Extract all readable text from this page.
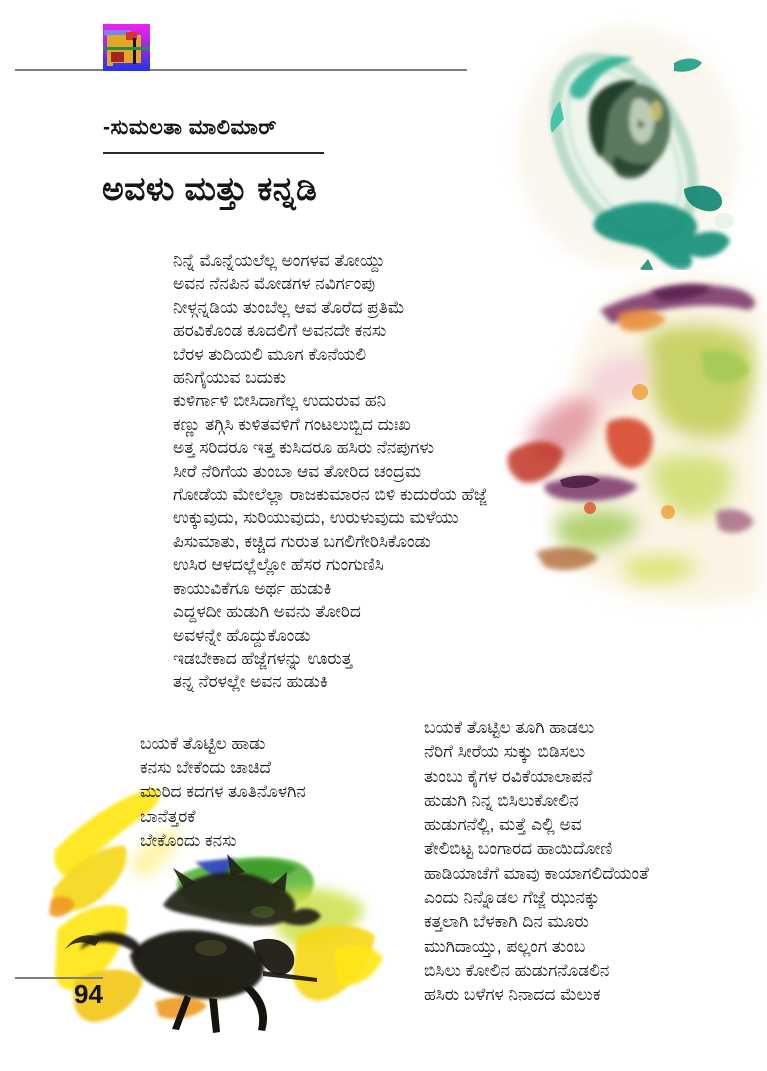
-ಸುಮಲತಾ ಮಾಲಿಮಾರ್
ಅವಳು ಮತ್ತು ಕನ್ನಡಿ
ನಿನ್ನೆ ಮೊನ್ನೆಯಲೆಲ್ಲ ಅಂಗಳವ ತೋಯ್ದು
ಅವನ ನೆನಪಿನ ಮೋಡಗಳ ನವಿರ್ಗಂಪು
ನೀಳ್ಗನ್ನಡಿಯ ತುಂಬೆಲ್ಲ ಆವ ತೊರೆದ ಪ್ರತಿಮೆ
ಹರವಿಕೊಂಡ ಕೂದಲಿಗೆ ಅವನದೇ ಕನಸು
ಬೆರಳ ತುದಿಯಲಿ ಮೂಗ ಕೊನೆಯಲಿ
ಹನಿಗೈಯುವ ಬದುಕು
ಕುಳಿರ್ಗಾಳಿ ಬೀಸಿದಾಗೆಲ್ಲ ಉದುರುವ ಹನಿ
ಕಣ್ಣು ತಗ್ಗಿಸಿ ಕುಳಿತವಳಿಗೆ ಗಂಟಲುಬ್ಬಿದ ದುಃಖ
ಅತ್ತ ಸರಿದರೂ ಇತ್ತ ಕುಸಿದರೂ ಹಸಿರು ನೆನಪುಗಳು
ಸೀರೆ ನೆರಿಗೆಯ ತುಂಬಾ ಆವ ತೋರಿದ ಚಂದ್ರಮ
ಗೋಡೆಯ ಮೇಲೆಲ್ಲಾ ರಾಜಕುಮಾರನ ಬಿಳಿ ಕುದುರೆಯ ಹೆಜ್ಜೆ
ಉಕ್ಕುವುದು, ಸುರಿಯುವುದು, ಉರುಳುವುದು ಮಳೆಯು
ಪಿಸುಮಾತು, ಕಚ್ಚಿದ ಗುರುತ ಬಗಲಿಗೇರಿಸಿಕೊಂಡು
ಉಸಿರ ಆಳದಲ್ಲೆಲ್ಲೋ ಹೆಸರ ಗುಂಗುಣಿಸಿ
ಕಾಯುವಿಕೆಗೂ ಅರ್ಥ ಹುಡುಕಿ
ಎದ್ದಳದೀ ಹುಡುಗಿ ಅವನು ತೋರಿದ
ಅವಳನ್ನೇ ಹೊದ್ದುಕೊಂಡು
ಇಡಬೇಕಾದ ಹೆಜ್ಜೆಗಳನ್ನು ಊರುತ್ತ
ತನ್ನ ನೆರಳಲ್ಲೇ ಅವನ ಹುಡುಕಿ
ಬಯಕೆ ತೊಟ್ಟಿಲ ಹಾಡು
ಕನಸು ಬೇಕೆಂದು ಚಾಚಿದೆ
ಮುರಿದ ಕದಗಳ ತೂತಿನೊಳಗಿನ
ಬಾನೆತ್ತರಕೆ
ಬೇಕೊಂದು ಕನಸು
ಬಯಕೆ ತೊಟ್ಟಿಲ ತೂಗಿ ಹಾಡಲು
ನೆರಿಗೆ ಸೀರೆಯ ಸುಕ್ಕು ಬಿಡಿಸಲು
ತುಂಬು ಕೈಗಳ ರವಿಕೆಯಾಲಾಪನೆ
ಹುಡುಗಿ ನಿನ್ನ ಬಿಸಿಲುಕೋಲಿನ
ಹುಡುಗನೆಲ್ಲಿ, ಮತ್ತೆ ಎಲ್ಲಿ ಅವ
ತೇಲಿಬಿಟ್ಟ ಬಂಗಾರದ ಹಾಯಿದೋಣಿ
ಹಾಡಿಯಾಚೆಗೆ ಮಾವು ಕಾಯಾಗಲಿದೆಯಂತೆ
ಎಂದು ನಿನ್ನೊಡಲ ಗೆಜ್ಜೆ ಝುನಕ್ಕು
ಕತ್ತಲಾಗಿ ಬೆಳಕಾಗಿ ದಿನ ಮೂರು
ಮುಗಿದಾಯ್ತು, ಪಲ್ಲಂಗ ತುಂಬ
ಬಿಸಿಲು ಕೋಲಿನ ಹುಡುಗನೊಡಲಿನ
ಹಸಿರು ಬಳೆಗಳ ನಿನಾದದ ಮೆಲುಕ
94
